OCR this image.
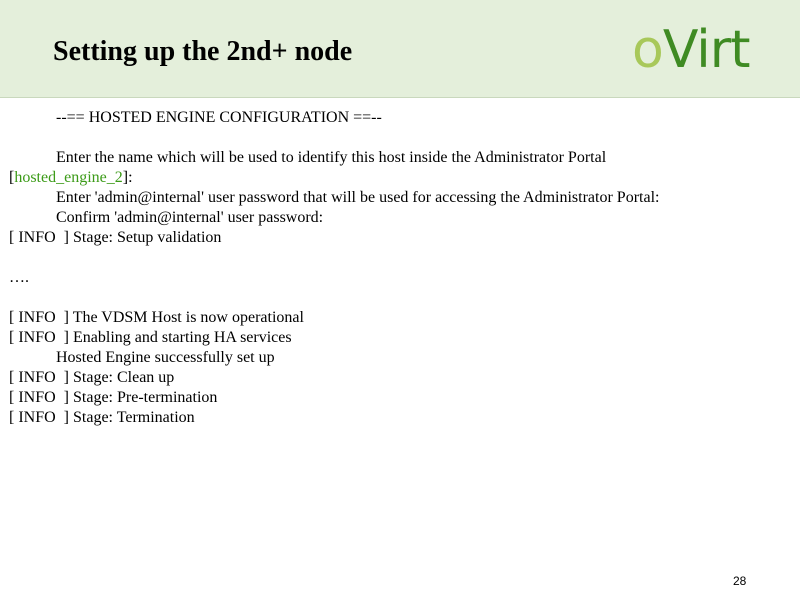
Setting up the 2nd+ node	oVirt
--== HOSTED ENGINE CONFIGURATION ==--
Enter the name which will be used to identify this host inside the Administrator Portal
[hosted_engine_2]:
Enter 'admin@internal' user password that will be used for accessing the Administrator Portal:
Confirm 'admin@internal' user password:
[ INFO  ] Stage: Setup validation
….
[ INFO  ] The VDSM Host is now operational
[ INFO  ] Enabling and starting HA services
Hosted Engine successfully set up
[ INFO  ] Stage: Clean up
[ INFO  ] Stage: Pre-termination
[ INFO  ] Stage: Termination
28
